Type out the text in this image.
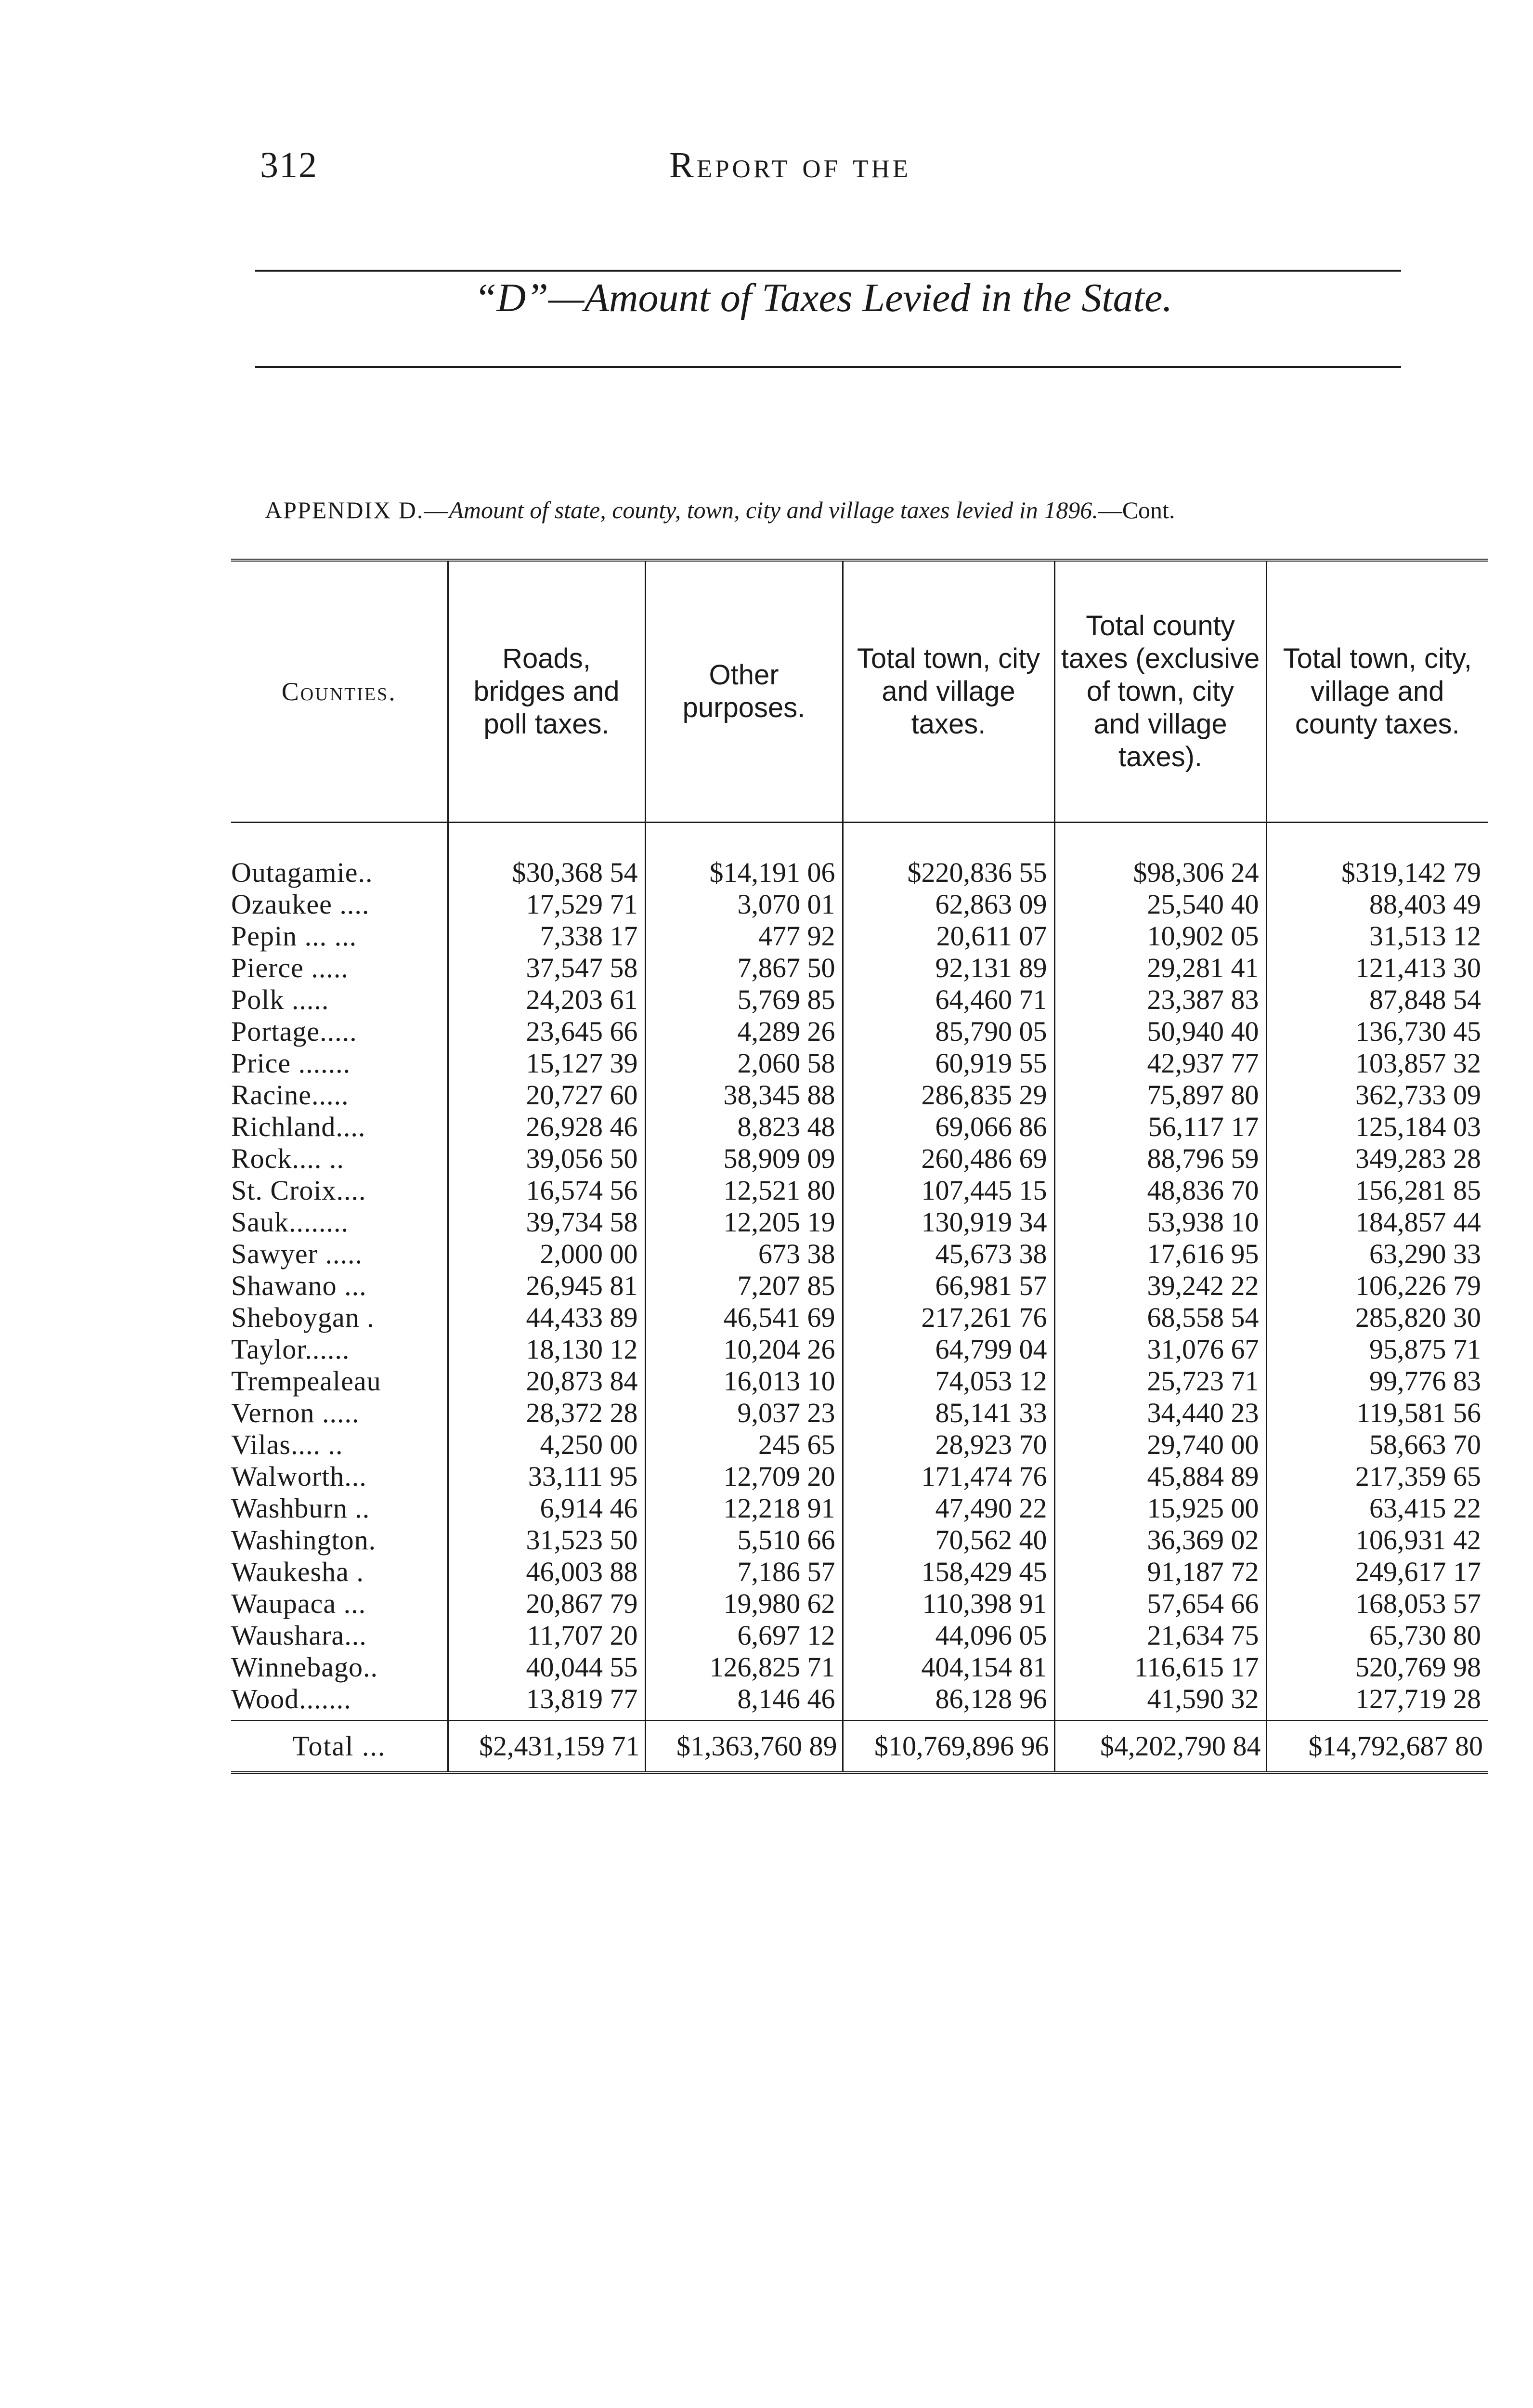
312	Report of the
“D”—Amount of Taxes Levied in the State.
APPENDIX D.—Amount of state, county, town, city and village taxes levied in 1896.—Cont.
Counties.	Roads, bridges and poll taxes.	Other purposes.	Total town, city and village taxes.	Total county taxes (exclusive of town, city and village taxes).	Total town, city, village and county taxes.

Outagamie..	$30,368 54	$14,191 06	$220,836 55	$98,306 24	$319,142 79
Ozaukee ....	17,529 71	3,070 01	62,863 09	25,540 40	88,403 49
Pepin ... ...	7,338 17	477 92	20,611 07	10,902 05	31,513 12
Pierce .....	37,547 58	7,867 50	92,131 89	29,281 41	121,413 30
Polk .....	24,203 61	5,769 85	64,460 71	23,387 83	87,848 54
Portage.....	23,645 66	4,289 26	85,790 05	50,940 40	136,730 45
Price .......	15,127 39	2,060 58	60,919 55	42,937 77	103,857 32
Racine.....	20,727 60	38,345 88	286,835 29	75,897 80	362,733 09
Richland....	26,928 46	8,823 48	69,066 86	56,117 17	125,184 03
Rock.... ..	39,056 50	58,909 09	260,486 69	88,796 59	349,283 28
St. Croix....	16,574 56	12,521 80	107,445 15	48,836 70	156,281 85
Sauk........	39,734 58	12,205 19	130,919 34	53,938 10	184,857 44
Sawyer .....	2,000 00	673 38	45,673 38	17,616 95	63,290 33
Shawano ...	26,945 81	7,207 85	66,981 57	39,242 22	106,226 79
Sheboygan .	44,433 89	46,541 69	217,261 76	68,558 54	285,820 30
Taylor......	18,130 12	10,204 26	64,799 04	31,076 67	95,875 71
Trempealeau	20,873 84	16,013 10	74,053 12	25,723 71	99,776 83
Vernon .....	28,372 28	9,037 23	85,141 33	34,440 23	119,581 56
Vilas.... ..	4,250 00	245 65	28,923 70	29,740 00	58,663 70
Walworth...	33,111 95	12,709 20	171,474 76	45,884 89	217,359 65
Washburn ..	6,914 46	12,218 91	47,490 22	15,925 00	63,415 22
Washington.	31,523 50	5,510 66	70,562 40	36,369 02	106,931 42
Waukesha .	46,003 88	7,186 57	158,429 45	91,187 72	249,617 17
Waupaca ...	20,867 79	19,980 62	110,398 91	57,654 66	168,053 57
Waushara...	11,707 20	6,697 12	44,096 05	21,634 75	65,730 80
Winnebago..	40,044 55	126,825 71	404,154 81	116,615 17	520,769 98
Wood.......	13,819 77	8,146 46	86,128 96	41,590 32	127,719 28
Total ...	$2,431,159 71	$1,363,760 89	$10,769,896 96	$4,202,790 84	$14,792,687 80
